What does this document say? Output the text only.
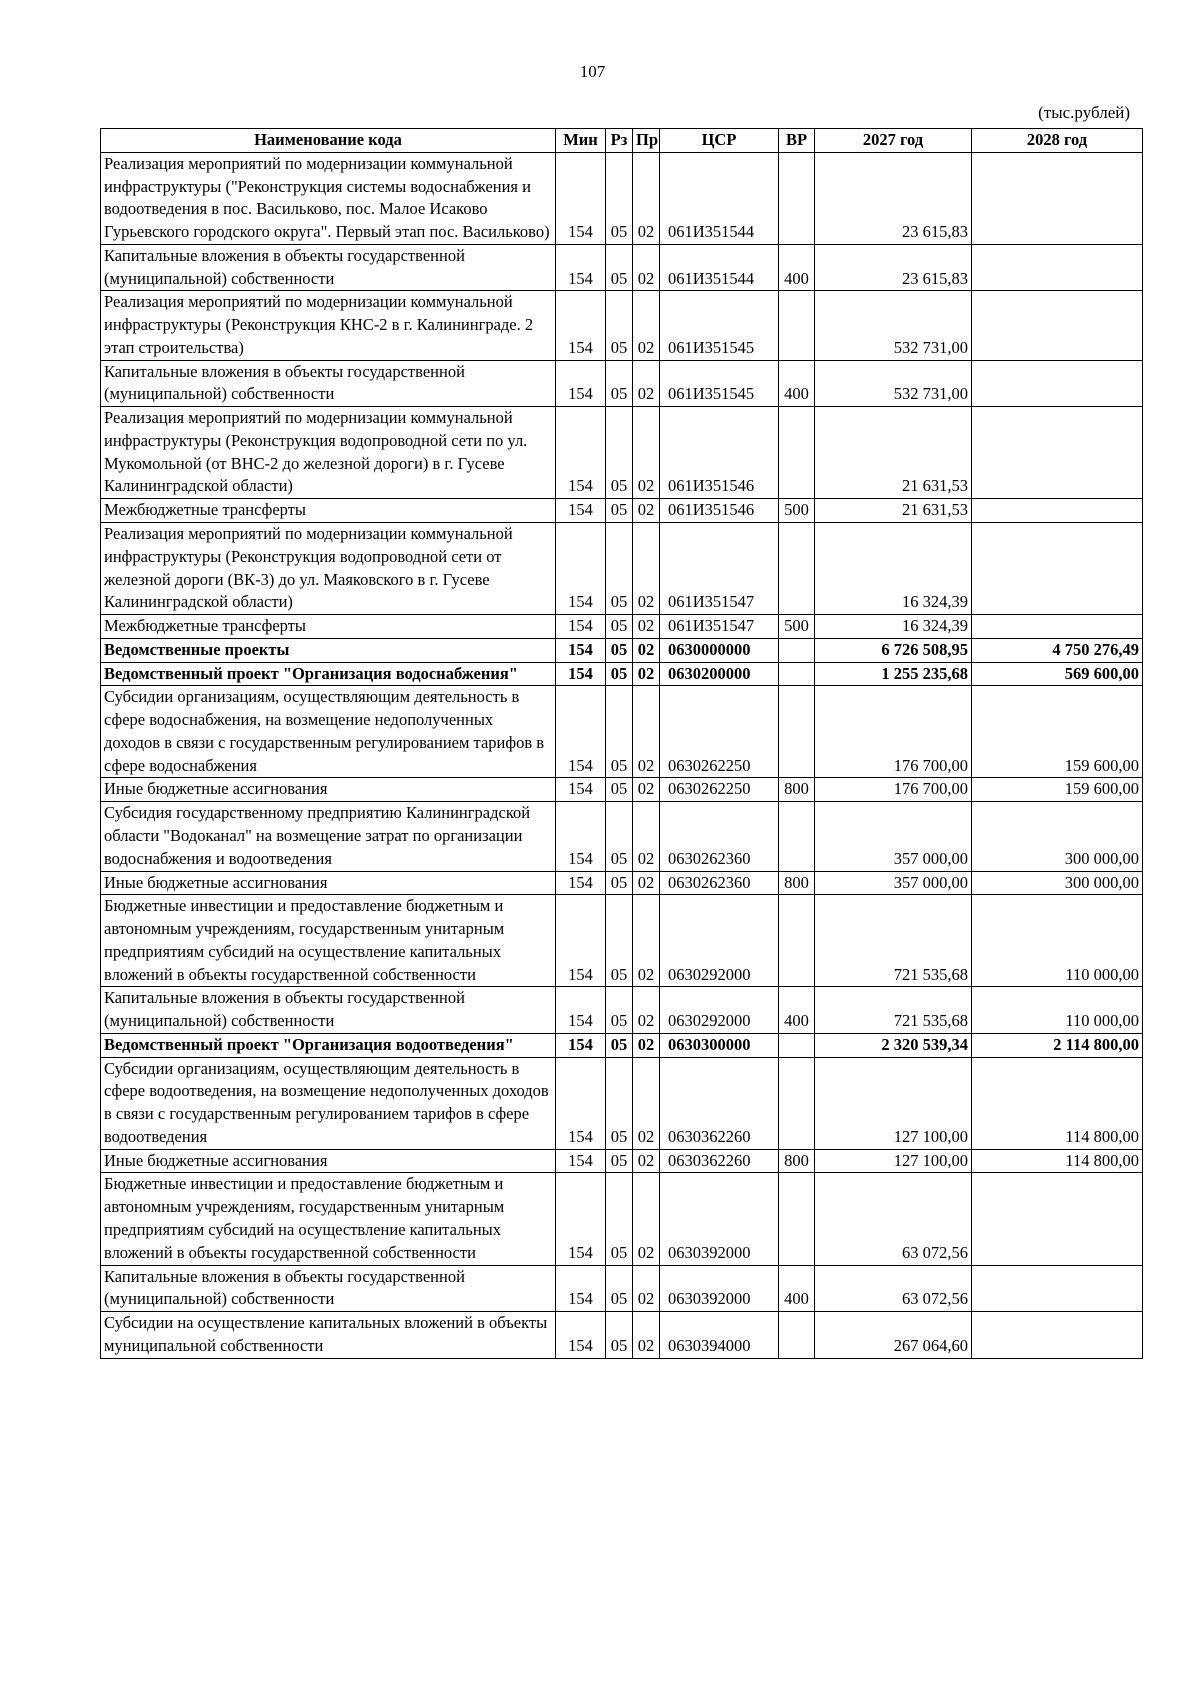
107
(тыс.рублей)
Наименование кода	Мин	Рз	Пр	ЦСР	ВР	2027 год	2028 год
Реализация мероприятий по модернизации коммунальной инфраструктуры ("Реконструкция системы водоснабжения и водоотведения в пос. Васильково, пос. Малое Исаково Гурьевского городского округа". Первый этап пос. Васильково)	154	05	02	061И351544		23 615,83	
Капитальные вложения в объекты государственной (муниципальной) собственности	154	05	02	061И351544	400	23 615,83	
Реализация мероприятий по модернизации коммунальной инфраструктуры (Реконструкция КНС-2 в г. Калининграде. 2 этап строительства)	154	05	02	061И351545		532 731,00	
Капитальные вложения в объекты государственной (муниципальной) собственности	154	05	02	061И351545	400	532 731,00	
Реализация мероприятий по модернизации коммунальной инфраструктуры (Реконструкция водопроводной сети по ул. Мукомольной (от ВНС-2 до железной дороги) в г. Гусеве Калининградской области)	154	05	02	061И351546		21 631,53	
Межбюджетные трансферты	154	05	02	061И351546	500	21 631,53	
Реализация мероприятий по модернизации коммунальной инфраструктуры (Реконструкция водопроводной сети от железной дороги (ВК-3) до ул. Маяковского в г. Гусеве Калининградской области)	154	05	02	061И351547		16 324,39	
Межбюджетные трансферты	154	05	02	061И351547	500	16 324,39	
Ведомственные проекты	154	05	02	0630000000		6 726 508,95	4 750 276,49
Ведомственный проект "Организация водоснабжения"	154	05	02	0630200000		1 255 235,68	569 600,00
Субсидии организациям, осуществляющим деятельность в сфере водоснабжения, на возмещение недополученных доходов в связи с государственным регулированием тарифов в сфере водоснабжения	154	05	02	0630262250		176 700,00	159 600,00
Иные бюджетные ассигнования	154	05	02	0630262250	800	176 700,00	159 600,00
Субсидия государственному предприятию Калининградской области "Водоканал" на возмещение затрат по организации водоснабжения и водоотведения	154	05	02	0630262360		357 000,00	300 000,00
Иные бюджетные ассигнования	154	05	02	0630262360	800	357 000,00	300 000,00
Бюджетные инвестиции и предоставление бюджетным и автономным учреждениям, государственным унитарным предприятиям субсидий на осуществление капитальных вложений в объекты государственной собственности	154	05	02	0630292000		721 535,68	110 000,00
Капитальные вложения в объекты государственной (муниципальной) собственности	154	05	02	0630292000	400	721 535,68	110 000,00
Ведомственный проект "Организация водоотведения"	154	05	02	0630300000		2 320 539,34	2 114 800,00
Субсидии организациям, осуществляющим деятельность в сфере водоотведения, на возмещение недополученных доходов в связи с государственным регулированием тарифов в сфере водоотведения	154	05	02	0630362260		127 100,00	114 800,00
Иные бюджетные ассигнования	154	05	02	0630362260	800	127 100,00	114 800,00
Бюджетные инвестиции и предоставление бюджетным и автономным учреждениям, государственным унитарным предприятиям субсидий на осуществление капитальных вложений в объекты государственной собственности	154	05	02	0630392000		63 072,56	
Капитальные вложения в объекты государственной (муниципальной) собственности	154	05	02	0630392000	400	63 072,56	
Субсидии на осуществление капитальных вложений в объекты муниципальной собственности	154	05	02	0630394000		267 064,60	
